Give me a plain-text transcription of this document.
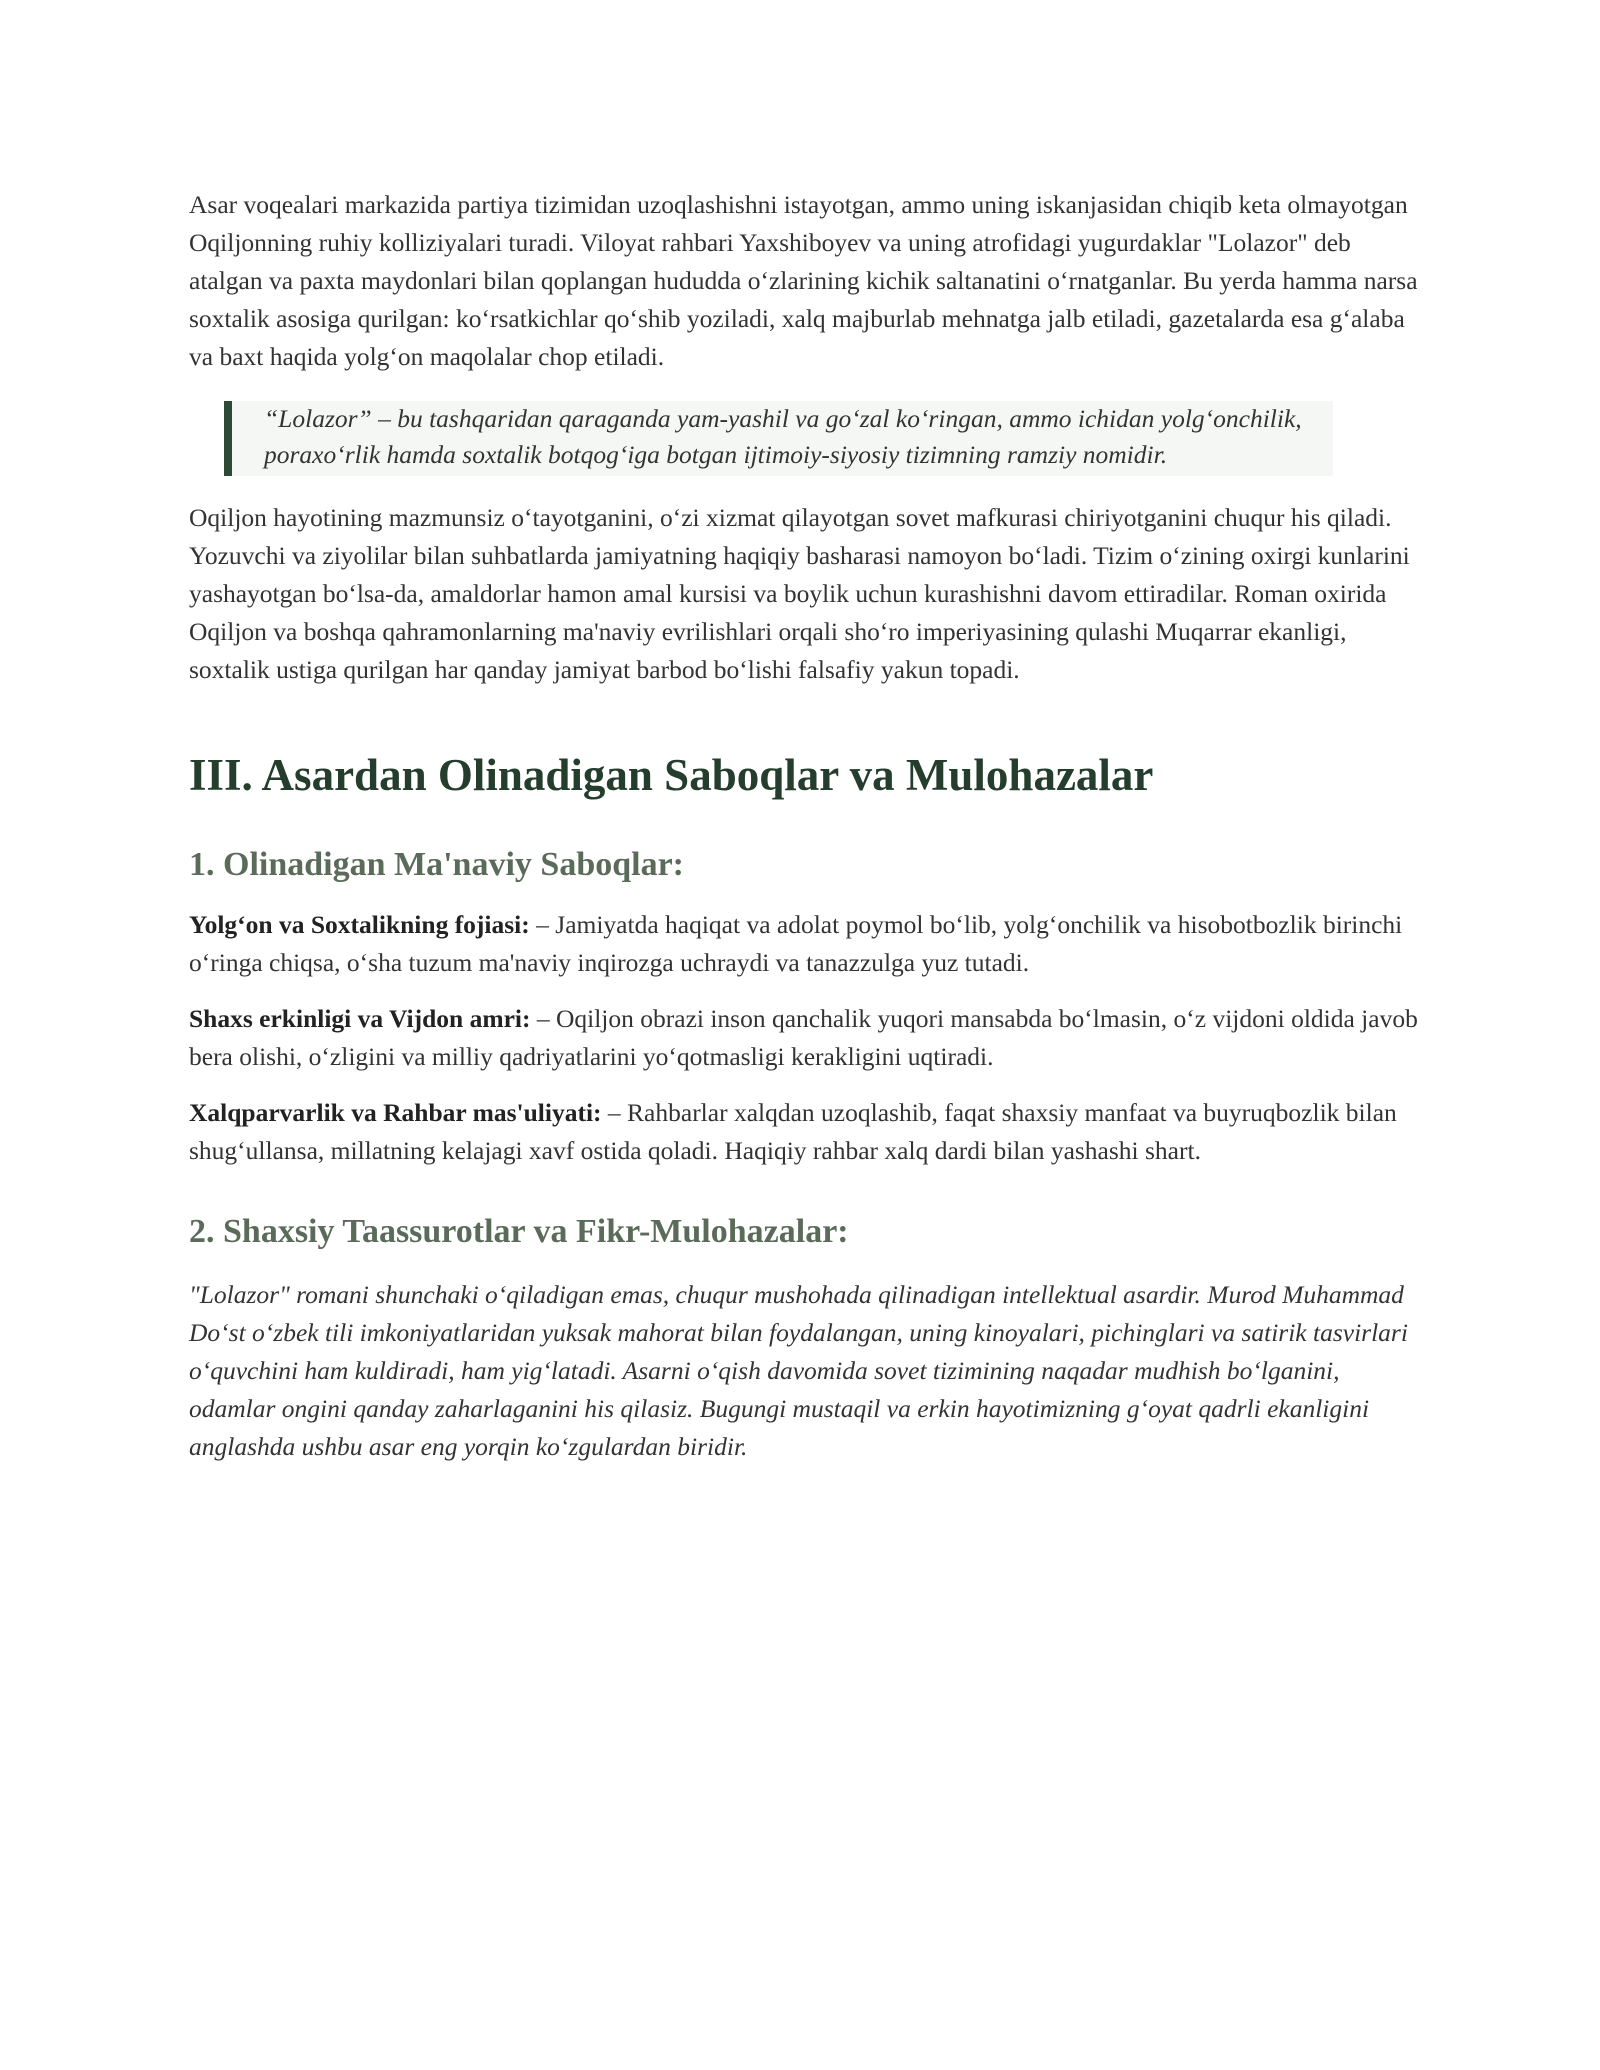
Asar voqealari markazida partiya tizimidan uzoqlashishni istayotgan, ammo uning iskanjasidan chiqib keta olmayotgan Oqiljonning ruhiy kolliziyalari turadi. Viloyat rahbari Yaxshiboyev va uning atrofidagi yugurdaklar "Lolazor" deb atalgan va paxta maydonlari bilan qoplangan hududda o‘zlarining kichik saltanatini o‘rnatganlar. Bu yerda hamma narsa soxtalik asosiga qurilgan: ko‘rsatkichlar qo‘shib yoziladi, xalq majburlab mehnatga jalb etiladi, gazetalarda esa g‘alaba va baxt haqida yolg‘on maqolalar chop etiladi.

“Lolazor” – bu tashqaridan qaraganda yam-yashil va go‘zal ko‘ringan, ammo ichidan yolg‘onchilik, poraxo‘rlik hamda soxtalik botqog‘iga botgan ijtimoiy-siyosiy tizimning ramziy nomidir.

Oqiljon hayotining mazmunsiz o‘tayotganini, o‘zi xizmat qilayotgan sovet mafkurasi chiriyotganini chuqur his qiladi. Yozuvchi va ziyolilar bilan suhbatlarda jamiyatning haqiqiy basharasi namoyon bo‘ladi. Tizim o‘zining oxirgi kunlarini yashayotgan bo‘lsa-da, amaldorlar hamon amal kursisi va boylik uchun kurashishni davom ettiradilar. Roman oxirida Oqiljon va boshqa qahramonlarning ma'naviy evrilishlari orqali sho‘ro imperiyasining qulashi Muqarrar ekanligi, soxtalik ustiga qurilgan har qanday jamiyat barbod bo‘lishi falsafiy yakun topadi.

III. Asardan Olinadigan Saboqlar va Mulohazalar
1. Olinadigan Ma'naviy Saboqlar:

Yolg‘on va Soxtalikning fojiasi: – Jamiyatda haqiqat va adolat poymol bo‘lib, yolg‘onchilik va hisobotbozlik birinchi o‘ringa chiqsa, o‘sha tuzum ma'naviy inqirozga uchraydi va tanazzulga yuz tutadi.

Shaxs erkinligi va Vijdon amri: – Oqiljon obrazi inson qanchalik yuqori mansabda bo‘lmasin, o‘z vijdoni oldida javob bera olishi, o‘zligini va milliy qadriyatlarini yo‘qotmasligi kerakligini uqtiradi.

Xalqparvarlik va Rahbar mas'uliyati: – Rahbarlar xalqdan uzoqlashib, faqat shaxsiy manfaat va buyruqbozlik bilan shug‘ullansa, millatning kelajagi xavf ostida qoladi. Haqiqiy rahbar xalq dardi bilan yashashi shart.

2. Shaxsiy Taassurotlar va Fikr-Mulohazalar:

"Lolazor" romani shunchaki o‘qiladigan emas, chuqur mushohada qilinadigan intellektual asardir. Murod Muhammad Do‘st o‘zbek tili imkoniyatlaridan yuksak mahorat bilan foydalangan, uning kinoyalari, pichinglari va satirik tasvirlari o‘quvchini ham kuldiradi, ham yig‘latadi. Asarni o‘qish davomida sovet tizimining naqadar mudhish bo‘lganini, odamlar ongini qanday zaharlaganini his qilasiz. Bugungi mustaqil va erkin hayotimizning g‘oyat qadrli ekanligini anglashda ushbu asar eng yorqin ko‘zgulardan biridir.
